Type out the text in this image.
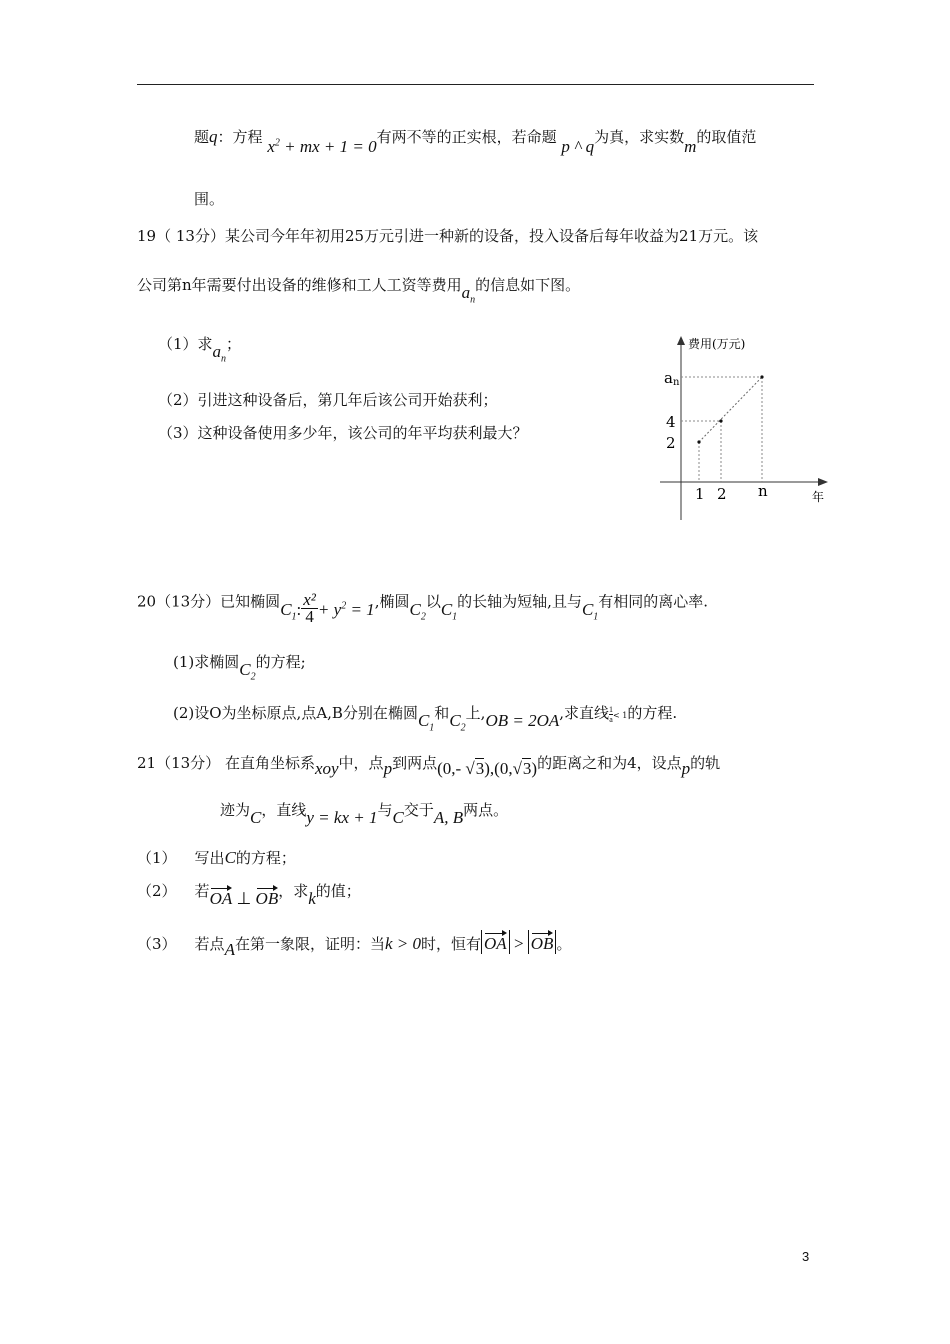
题q：方程 $x^2$ + mx + 1 = 0有两不等的正实根，若命题 p ^ q为真，求实数m的取值范
围。
19（ 13分）某公司今年年初用25万元引进一种新的设备，投入设备后每年收益为21万元。该
公司第n年需要付出设备的维修和工人工资等费用$a_n$的信息如下图。
（1）求$a_n$；
（2）引进这种设备后，第几年后该公司开始获利；
（3）这种设备使用多少年，该公司的年平均获利最大？
费用(万元)
年
an
4
2
1 2 n
20（13分）已知椭圆$C_1$: $\frac{\text{x²}}{4} + y^2 = 1$,椭圆$C_2$以$C_1$的长轴为短轴,且与$C_1$有相同的离心率.
(1)求椭圆$C_2$的方程;
(2)设O为坐标原点,点A,B分别在椭圆$C_1$和$C_2$上,OB = 2OA,求直线 $\frac{1}{a}< 1$的方程.
21（13分） 在直角坐标系xoy中，点p到两点(0,- √3),(0,√3)的距离之和为4，设点p的轨
迹为C，直线y = kx + 1与C交于A, B两点。
（1） 写出C的方程；
（2） 若OA ⊥ OB，求k的值；
（3） 若点A在第一象限，证明：当k > 0时，恒有 OA > OB 。
3
